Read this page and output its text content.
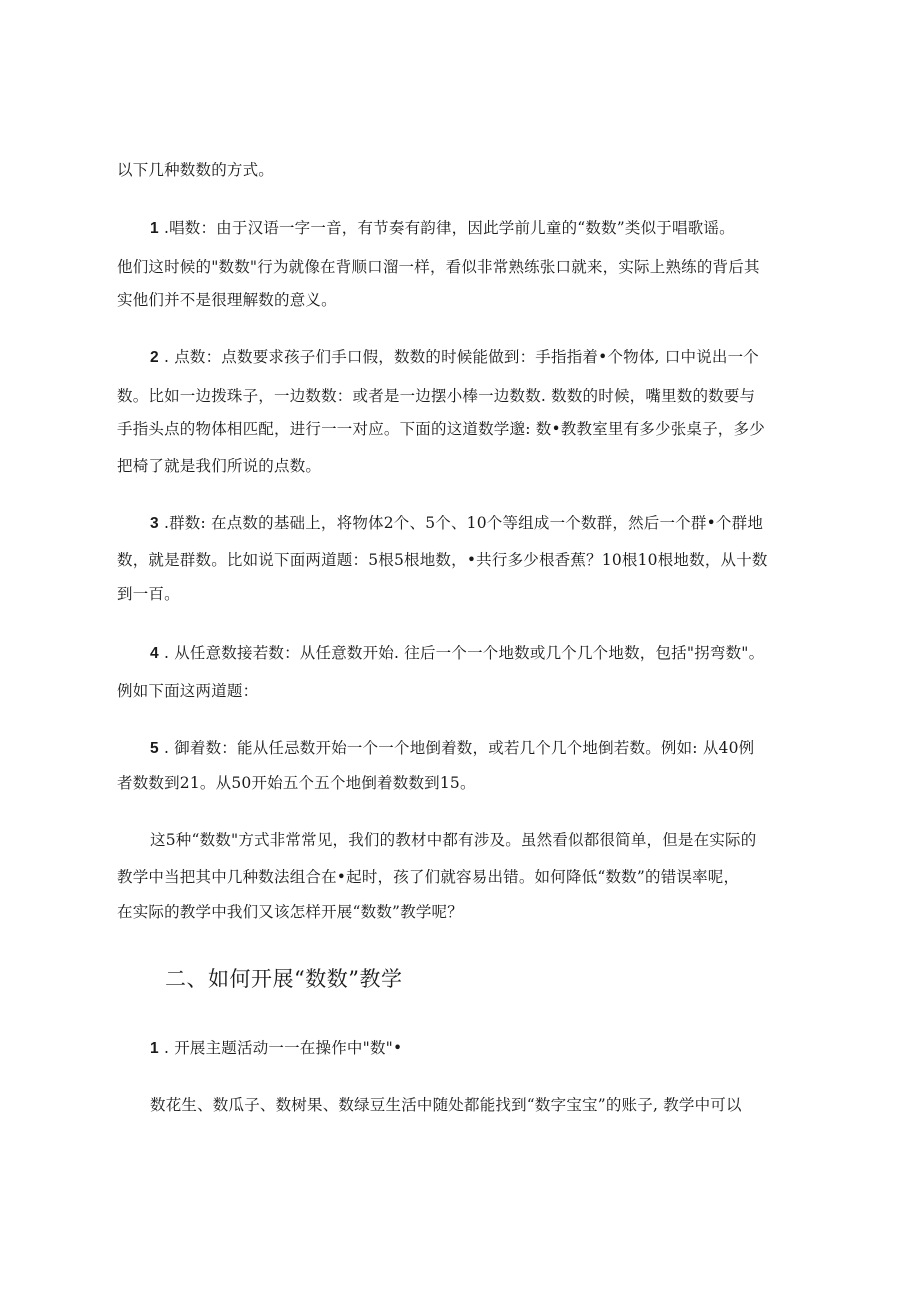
以下几种数数的方式。
1 .唱数：由于汉语一字一音，有节奏有韵律，因此学前儿童的“数数”类似于唱歌谣。
他们这时候的"数数"行为就像在背顺口溜一样，看似非常熟练张口就来，实际上熟练的背后其
实他们并不是很理解数的意义。
2 . 点数：点数要求孩子们手口假，数数的时候能做到：手指指着•个物体, 口中说出一个
数。比如一边拨珠子，一边数数：或者是一边摆小棒一边数数. 数数的时候，嘴里数的数要与
手指头点的物体相匹配，进行一一对应。下面的这道数学邈: 数•教教室里有多少张桌子，多少
把椅了就是我们所说的点数。
3 .群数: 在点数的基础上，将物体2个、5个、10个等组成一个数群，然后一个群•个群地
数，就是群数。比如说下面两道题：5根5根地数，•共行多少根香蕉？10根10根地数，从十数
到一百。
4 . 从任意数接若数：从任意数开始. 往后一个一个地数或几个几个地数，包括"拐弯数"。
例如下面这两道题：
5 . 御着数：能从任忌数开始一个一个地倒着数，或若几个几个地倒若数。例如: 从40例
者数数到21。从50开始五个五个地倒着数数到15。
这5种“数数"方式非常常见，我们的教材中都有涉及。虽然看似都很简单，但是在实际的
教学中当把其中几种数法组合在•起时，孩了们就容易出错。如何降低“数数”的错误率呢，
在实际的教学中我们又该怎样开展“数数”教学呢？
二、如何开展“数数”教学
1 . 开展主题活动一一在操作中"数"•
数花生、数瓜子、数树果、数绿豆生活中随处都能找到“数字宝宝”的账子, 教学中可以
